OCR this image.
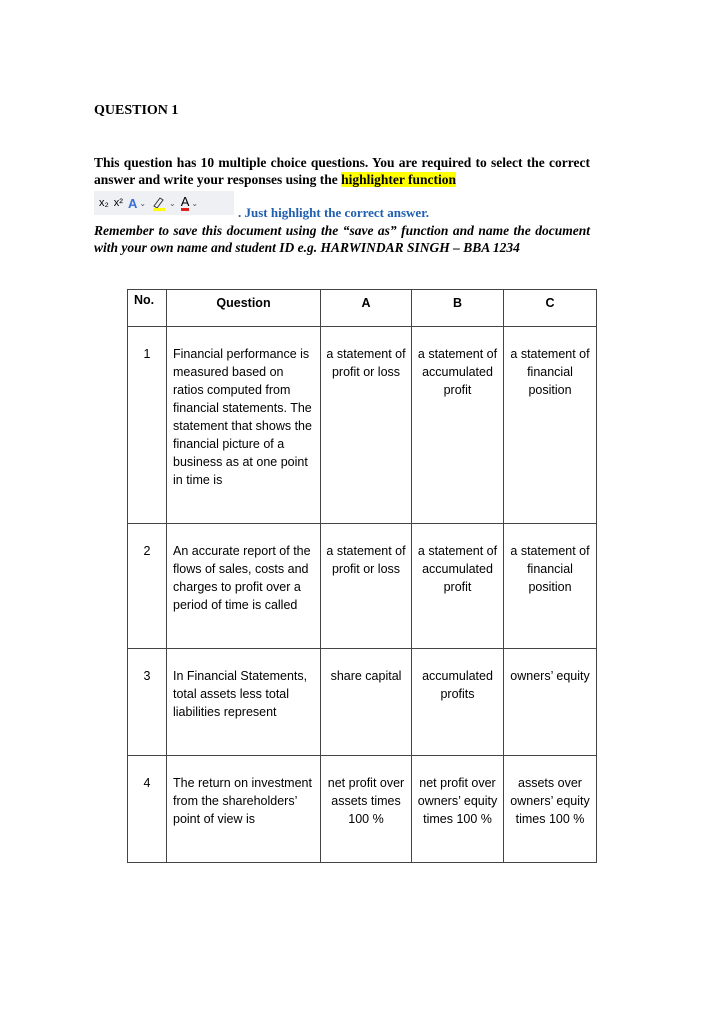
QUESTION 1
This question has 10 multiple choice questions. You are required to select the correct answer and write your responses using the highlighter function
x₂ x² A ⌄	⌄ A ⌄
. Just highlight the correct answer.
Remember to save this document using the “save as” function and name the document with your own name and student ID e.g. HARWINDAR SINGH – BBA 1234
No.	Question	A	B	C

1	Financial performance is measured based on ratios computed from financial statements. The statement that shows the financial picture of a business as at one point in time is	a statement of profit or loss	a statement of accumulated profit	a statement of financial position

2	An accurate report of the flows of sales, costs and charges to profit over a period of time is called	a statement of profit or loss	a statement of accumulated profit	a statement of financial position

3	In Financial Statements, total assets less total liabilities represent	share capital	accumulated profits	owners’ equity

4	The return on investment from the shareholders’ point of view is	net profit over assets times 100 %	net profit over owners’ equity times 100 %	assets over owners’ equity times 100 %
